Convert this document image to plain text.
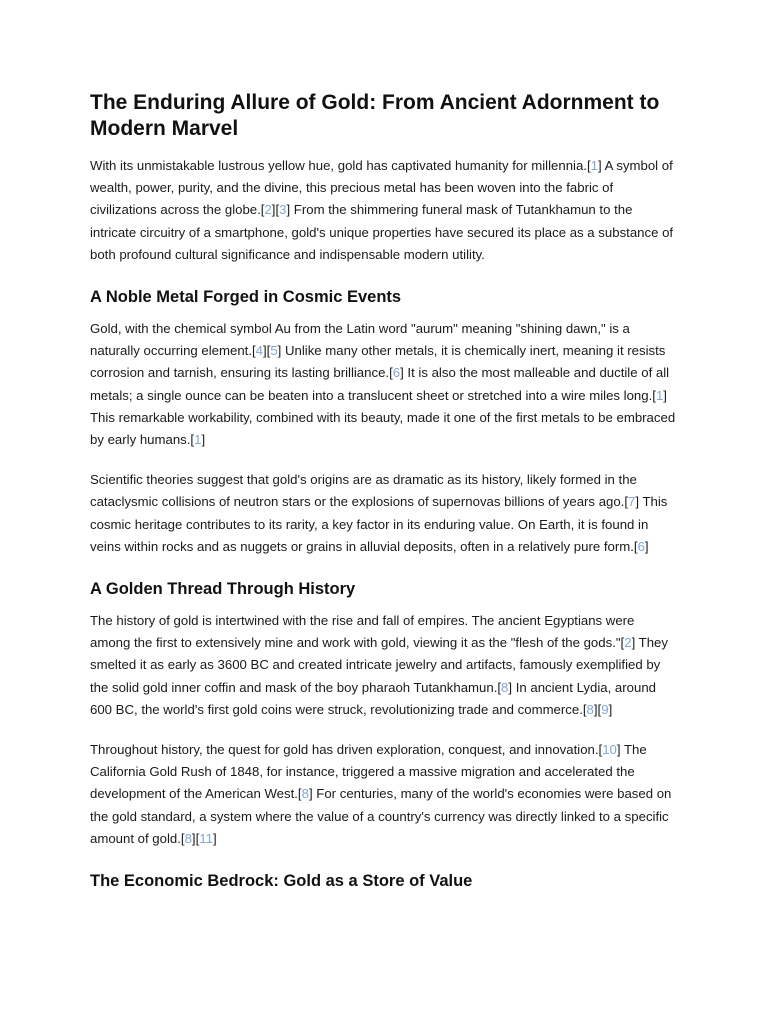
The Enduring Allure of Gold: From Ancient Adornment to Modern Marvel

With its unmistakable lustrous yellow hue, gold has captivated humanity for millennia.[1] A symbol of wealth, power, purity, and the divine, this precious metal has been woven into the fabric of civilizations across the globe.[2][3] From the shimmering funeral mask of Tutankhamun to the intricate circuitry of a smartphone, gold's unique properties have secured its place as a substance of both profound cultural significance and indispensable modern utility.

A Noble Metal Forged in Cosmic Events

Gold, with the chemical symbol Au from the Latin word "aurum" meaning "shining dawn," is a naturally occurring element.[4][5] Unlike many other metals, it is chemically inert, meaning it resists corrosion and tarnish, ensuring its lasting brilliance.[6] It is also the most malleable and ductile of all metals; a single ounce can be beaten into a translucent sheet or stretched into a wire miles long.[1] This remarkable workability, combined with its beauty, made it one of the first metals to be embraced by early humans.[1]

Scientific theories suggest that gold's origins are as dramatic as its history, likely formed in the cataclysmic collisions of neutron stars or the explosions of supernovas billions of years ago.[7] This cosmic heritage contributes to its rarity, a key factor in its enduring value. On Earth, it is found in veins within rocks and as nuggets or grains in alluvial deposits, often in a relatively pure form.[6]

A Golden Thread Through History

The history of gold is intertwined with the rise and fall of empires. The ancient Egyptians were among the first to extensively mine and work with gold, viewing it as the "flesh of the gods."[2] They smelted it as early as 3600 BC and created intricate jewelry and artifacts, famously exemplified by the solid gold inner coffin and mask of the boy pharaoh Tutankhamun.[8] In ancient Lydia, around 600 BC, the world's first gold coins were struck, revolutionizing trade and commerce.[8][9]

Throughout history, the quest for gold has driven exploration, conquest, and innovation.[10] The California Gold Rush of 1848, for instance, triggered a massive migration and accelerated the development of the American West.[8] For centuries, many of the world's economies were based on the gold standard, a system where the value of a country's currency was directly linked to a specific amount of gold.[8][11]

The Economic Bedrock: Gold as a Store of Value
